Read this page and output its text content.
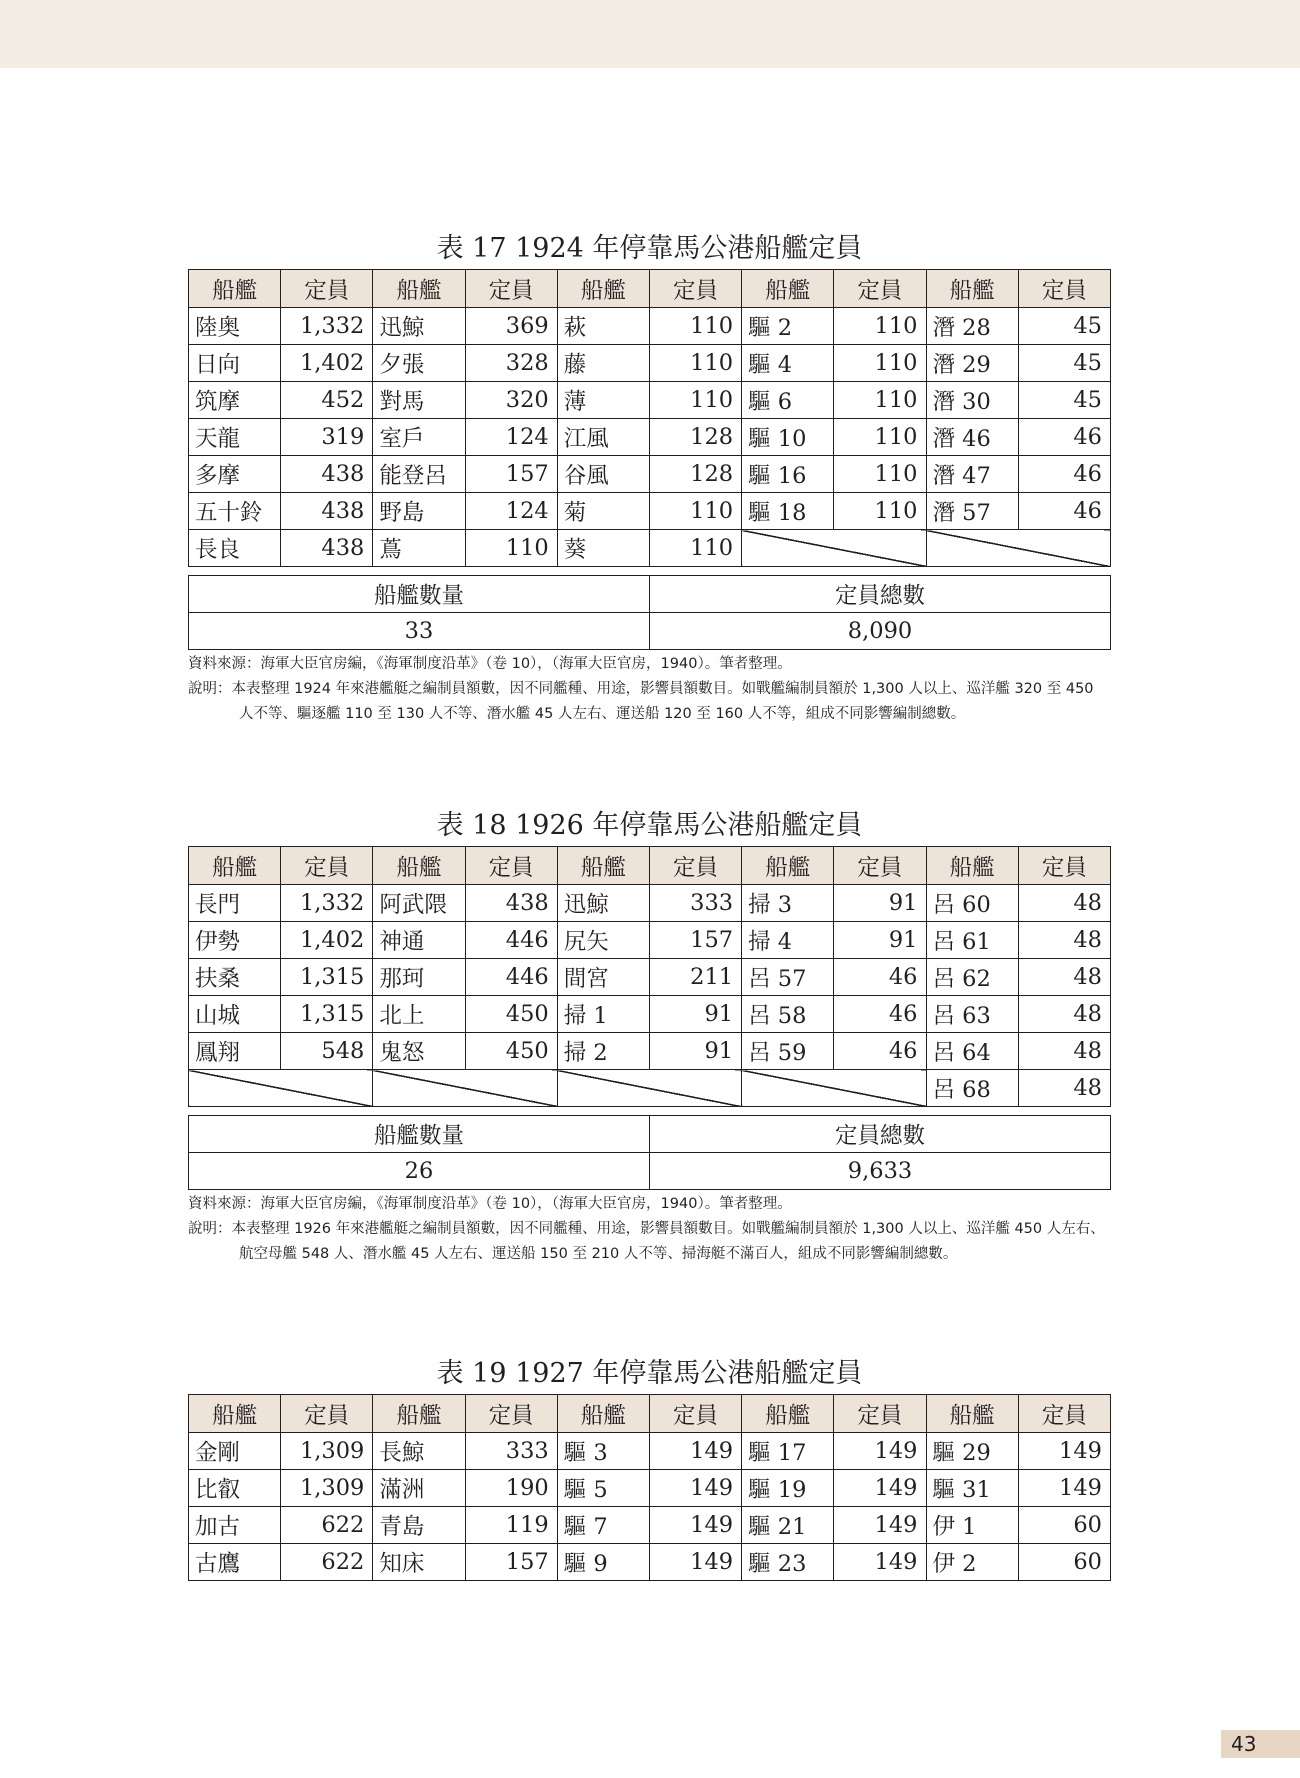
表 17 1924 年停靠馬公港船艦定員
船艦	定員	船艦	定員	船艦	定員	船艦	定員	船艦	定員
陸奥	1,332	迅鯨	369	萩	110	驅 2	110	潛 28	45
日向	1,402	夕張	328	藤	110	驅 4	110	潛 29	45
筑摩	452	對馬	320	薄	110	驅 6	110	潛 30	45
天龍	319	室戶	124	江風	128	驅 10	110	潛 46	46
多摩	438	能登呂	157	谷風	128	驅 16	110	潛 47	46
五十鈴	438	野島	124	菊	110	驅 18	110	潛 57	46
長良	438	蔦	110	葵	110				
船艦數量	定員總數
33	8,090

資料來源：海軍大臣官房編，《海軍制度沿革》（卷 10），（海軍大臣官房，1940）。筆者整理。

說明：本表整理 1924 年來港艦艇之編制員額數，因不同艦種、用途，影響員額數目。如戰艦編制員額於 1,300 人以上、巡洋艦 320 至 450 人不等、驅逐艦 110 至 130 人不等、潛水艦 45 人左右、運送船 120 至 160 人不等，組成不同影響編制總數。

表 18 1926 年停靠馬公港船艦定員
船艦	定員	船艦	定員	船艦	定員	船艦	定員	船艦	定員
長門	1,332	阿武隈	438	迅鯨	333	掃 3	91	呂 60	48
伊勢	1,402	神通	446	尻矢	157	掃 4	91	呂 61	48
扶桑	1,315	那珂	446	間宮	211	呂 57	46	呂 62	48
山城	1,315	北上	450	掃 1	91	呂 58	46	呂 63	48
鳳翔	548	鬼怒	450	掃 2	91	呂 59	46	呂 64	48
								呂 68	48
船艦數量	定員總數
26	9,633

資料來源：海軍大臣官房編，《海軍制度沿革》（卷 10），（海軍大臣官房，1940）。筆者整理。

說明：本表整理 1926 年來港艦艇之編制員額數，因不同艦種、用途，影響員額數目。如戰艦編制員額於 1,300 人以上、巡洋艦 450 人左右、航空母艦 548 人、潛水艦 45 人左右、運送船 150 至 210 人不等、掃海艇不滿百人，組成不同影響編制總數。

表 19 1927 年停靠馬公港船艦定員
船艦	定員	船艦	定員	船艦	定員	船艦	定員	船艦	定員
金剛	1,309	長鯨	333	驅 3	149	驅 17	149	驅 29	149
比叡	1,309	滿洲	190	驅 5	149	驅 19	149	驅 31	149
加古	622	青島	119	驅 7	149	驅 21	149	伊 1	60
古鷹	622	知床	157	驅 9	149	驅 23	149	伊 2	60
43
